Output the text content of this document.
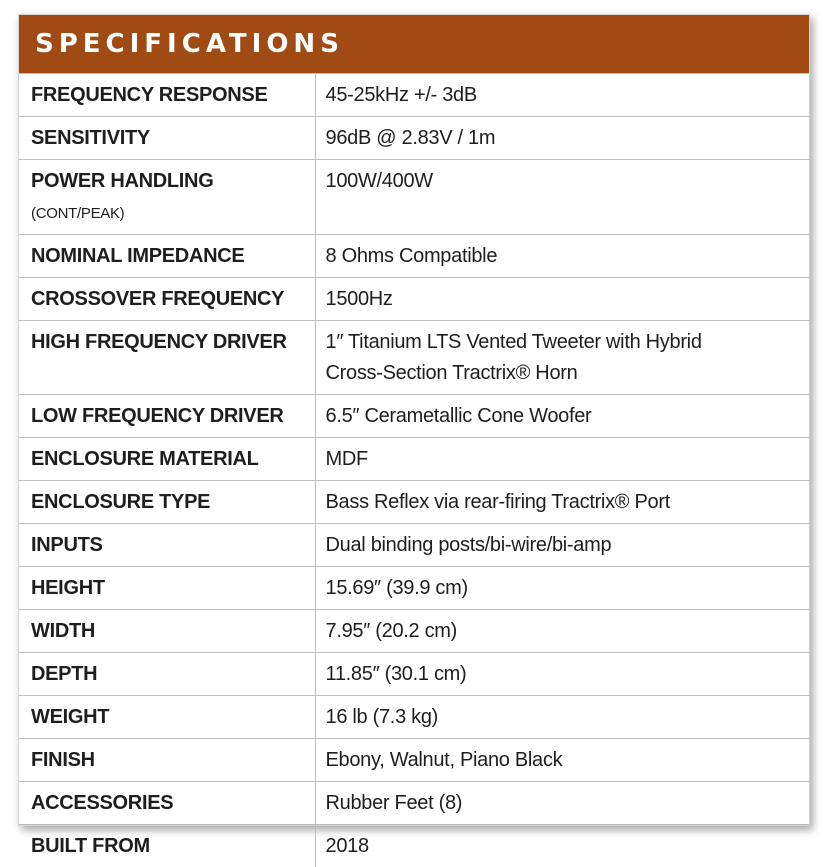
SPECIFICATIONS
FREQUENCY RESPONSE	45-25kHz +/- 3dB
SENSITIVITY	96dB @ 2.83V / 1m
POWER HANDLING (CONT/PEAK)	100W/400W
NOMINAL IMPEDANCE	8 Ohms Compatible
CROSSOVER FREQUENCY	1500Hz
HIGH FREQUENCY DRIVER	1″ Titanium LTS Vented Tweeter with Hybrid
Cross-Section Tractrix® Horn
LOW FREQUENCY DRIVER	6.5″ Cerametallic Cone Woofer
ENCLOSURE MATERIAL	MDF
ENCLOSURE TYPE	Bass Reflex via rear-firing Tractrix® Port
INPUTS	Dual binding posts/bi-wire/bi-amp
HEIGHT	15.69″ (39.9 cm)
WIDTH	7.95″ (20.2 cm)
DEPTH	11.85″ (30.1 cm)
WEIGHT	16 lb (7.3 kg)
FINISH	Ebony, Walnut, Piano Black
ACCESSORIES	Rubber Feet (8)
BUILT FROM	2018
